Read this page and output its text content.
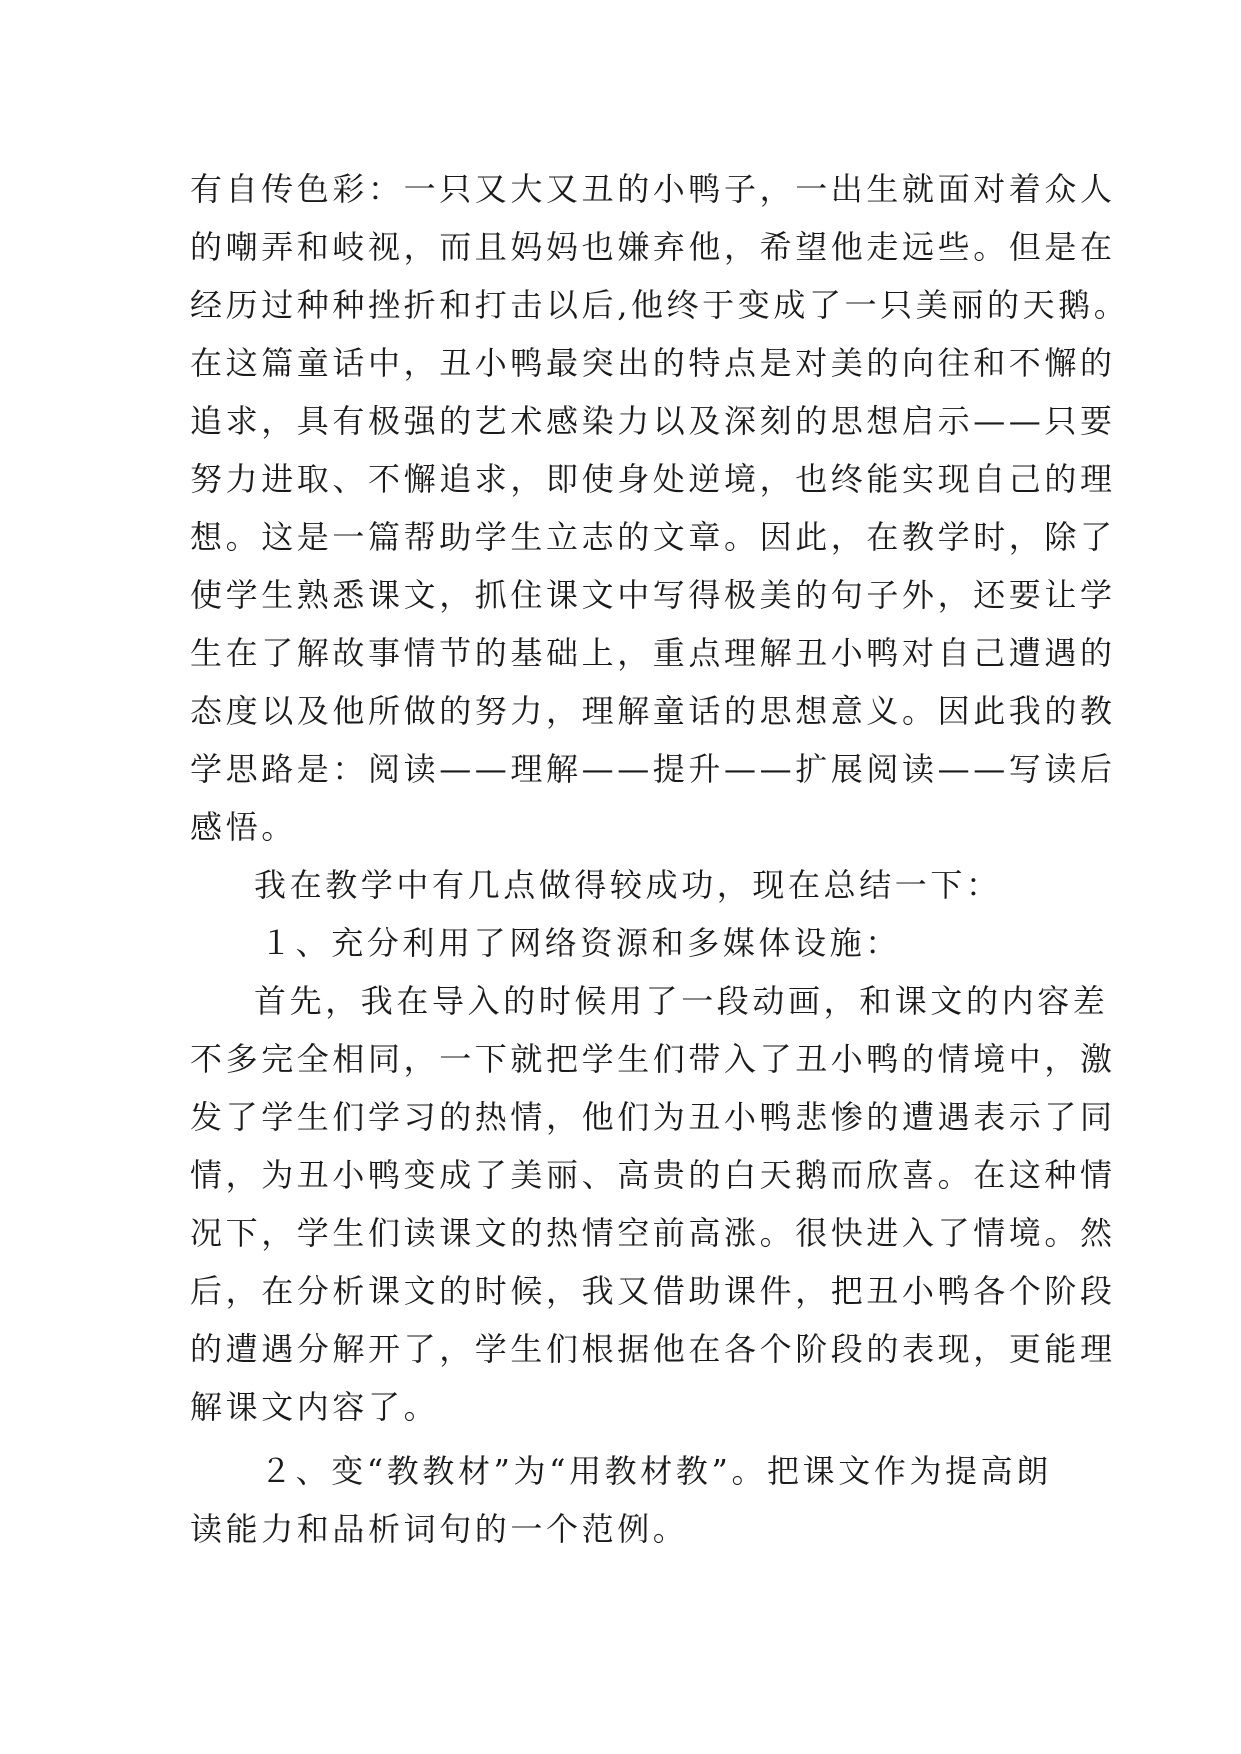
有自传色彩：一只又大又丑的小鸭子，一出生就面对着众人
的嘲弄和岐视，而且妈妈也嫌弃他，希望他走远些。但是在
经历过种种挫折和打击以后,他终于变成了一只美丽的天鹅。
在这篇童话中，丑小鸭最突出的特点是对美的向往和不懈的
追求，具有极强的艺术感染力以及深刻的思想启示——只要
努力进取、不懈追求，即使身处逆境，也终能实现自己的理
想。这是一篇帮助学生立志的文章。因此，在教学时，除了
使学生熟悉课文，抓住课文中写得极美的句子外，还要让学
生在了解故事情节的基础上，重点理解丑小鸭对自己遭遇的
态度以及他所做的努力，理解童话的思想意义。因此我的教
学思路是：阅读——理解——提升——扩展阅读——写读后
感悟。
我在教学中有几点做得较成功，现在总结一下：
１、充分利用了网络资源和多媒体设施：
首先，我在导入的时候用了一段动画，和课文的内容差
不多完全相同，一下就把学生们带入了丑小鸭的情境中，激
发了学生们学习的热情，他们为丑小鸭悲惨的遭遇表示了同
情，为丑小鸭变成了美丽、高贵的白天鹅而欣喜。在这种情
况下，学生们读课文的热情空前高涨。很快进入了情境。然
后，在分析课文的时候，我又借助课件，把丑小鸭各个阶段
的遭遇分解开了，学生们根据他在各个阶段的表现，更能理
解课文内容了。
２、变“教教材”为“用教材教”。把课文作为提高朗
读能力和品析词句的一个范例。
